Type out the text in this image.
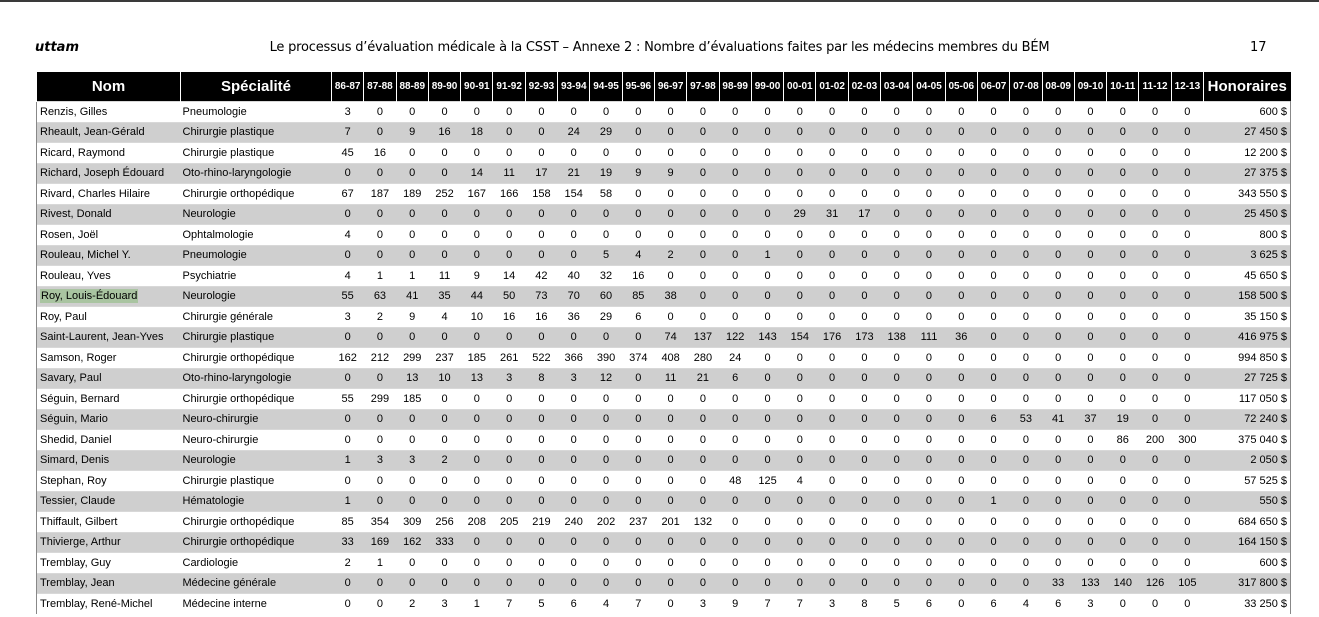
uttam	Le processus d’évaluation médicale à la CSST – Annexe 2 : Nombre d’évaluations faites par les médecins membres du BÉM	17
Nom	Spécialité	86-87	87-88	88-89	89-90	90-91	91-92	92-93	93-94	94-95	95-96	96-97	97-98	98-99	99-00	00-01	01-02	02-03	03-04	04-05	05-06	06-07	07-08	08-09	09-10	10-11	11-12	12-13	Honoraires
Renzis, Gilles	Pneumologie	3	0	0	0	0	0	0	0	0	0	0	0	0	0	0	0	0	0	0	0	0	0	0	0	0	0	0	600 $
Rheault, Jean-Gérald	Chirurgie plastique	7	0	9	16	18	0	0	24	29	0	0	0	0	0	0	0	0	0	0	0	0	0	0	0	0	0	0	27 450 $
Ricard, Raymond	Chirurgie plastique	45	16	0	0	0	0	0	0	0	0	0	0	0	0	0	0	0	0	0	0	0	0	0	0	0	0	0	12 200 $
Richard, Joseph Édouard	Oto-rhino-laryngologie	0	0	0	0	14	11	17	21	19	9	9	0	0	0	0	0	0	0	0	0	0	0	0	0	0	0	0	27 375 $
Rivard, Charles Hilaire	Chirurgie orthopédique	67	187	189	252	167	166	158	154	58	0	0	0	0	0	0	0	0	0	0	0	0	0	0	0	0	0	0	343 550 $
Rivest, Donald	Neurologie	0	0	0	0	0	0	0	0	0	0	0	0	0	0	29	31	17	0	0	0	0	0	0	0	0	0	0	25 450 $
Rosen, Joël	Ophtalmologie	4	0	0	0	0	0	0	0	0	0	0	0	0	0	0	0	0	0	0	0	0	0	0	0	0	0	0	800 $
Rouleau, Michel Y.	Pneumologie	0	0	0	0	0	0	0	0	5	4	2	0	0	1	0	0	0	0	0	0	0	0	0	0	0	0	0	3 625 $
Rouleau, Yves	Psychiatrie	4	1	1	11	9	14	42	40	32	16	0	0	0	0	0	0	0	0	0	0	0	0	0	0	0	0	0	45 650 $
Roy, Louis-Édouard	Neurologie	55	63	41	35	44	50	73	70	60	85	38	0	0	0	0	0	0	0	0	0	0	0	0	0	0	0	0	158 500 $
Roy, Paul	Chirurgie générale	3	2	9	4	10	16	16	36	29	6	0	0	0	0	0	0	0	0	0	0	0	0	0	0	0	0	0	35 150 $
Saint-Laurent, Jean-Yves	Chirurgie plastique	0	0	0	0	0	0	0	0	0	0	74	137	122	143	154	176	173	138	111	36	0	0	0	0	0	0	0	416 975 $
Samson, Roger	Chirurgie orthopédique	162	212	299	237	185	261	522	366	390	374	408	280	24	0	0	0	0	0	0	0	0	0	0	0	0	0	0	994 850 $
Savary, Paul	Oto-rhino-laryngologie	0	0	13	10	13	3	8	3	12	0	11	21	6	0	0	0	0	0	0	0	0	0	0	0	0	0	0	27 725 $
Séguin, Bernard	Chirurgie orthopédique	55	299	185	0	0	0	0	0	0	0	0	0	0	0	0	0	0	0	0	0	0	0	0	0	0	0	0	117 050 $
Séguin, Mario	Neuro-chirurgie	0	0	0	0	0	0	0	0	0	0	0	0	0	0	0	0	0	0	0	0	6	53	41	37	19	0	0	72 240 $
Shedid, Daniel	Neuro-chirurgie	0	0	0	0	0	0	0	0	0	0	0	0	0	0	0	0	0	0	0	0	0	0	0	0	86	200	300	375 040 $
Simard, Denis	Neurologie	1	3	3	2	0	0	0	0	0	0	0	0	0	0	0	0	0	0	0	0	0	0	0	0	0	0	0	2 050 $
Stephan, Roy	Chirurgie plastique	0	0	0	0	0	0	0	0	0	0	0	0	48	125	4	0	0	0	0	0	0	0	0	0	0	0	0	57 525 $
Tessier, Claude	Hématologie	1	0	0	0	0	0	0	0	0	0	0	0	0	0	0	0	0	0	0	0	1	0	0	0	0	0	0	550 $
Thiffault, Gilbert	Chirurgie orthopédique	85	354	309	256	208	205	219	240	202	237	201	132	0	0	0	0	0	0	0	0	0	0	0	0	0	0	0	684 650 $
Thivierge, Arthur	Chirurgie orthopédique	33	169	162	333	0	0	0	0	0	0	0	0	0	0	0	0	0	0	0	0	0	0	0	0	0	0	0	164 150 $
Tremblay, Guy	Cardiologie	2	1	0	0	0	0	0	0	0	0	0	0	0	0	0	0	0	0	0	0	0	0	0	0	0	0	0	600 $
Tremblay, Jean	Médecine générale	0	0	0	0	0	0	0	0	0	0	0	0	0	0	0	0	0	0	0	0	0	0	33	133	140	126	105	317 800 $
Tremblay, René-Michel	Médecine interne	0	0	2	3	1	7	5	6	4	7	0	3	9	7	7	3	8	5	6	0	6	4	6	3	0	0	0	33 250 $
